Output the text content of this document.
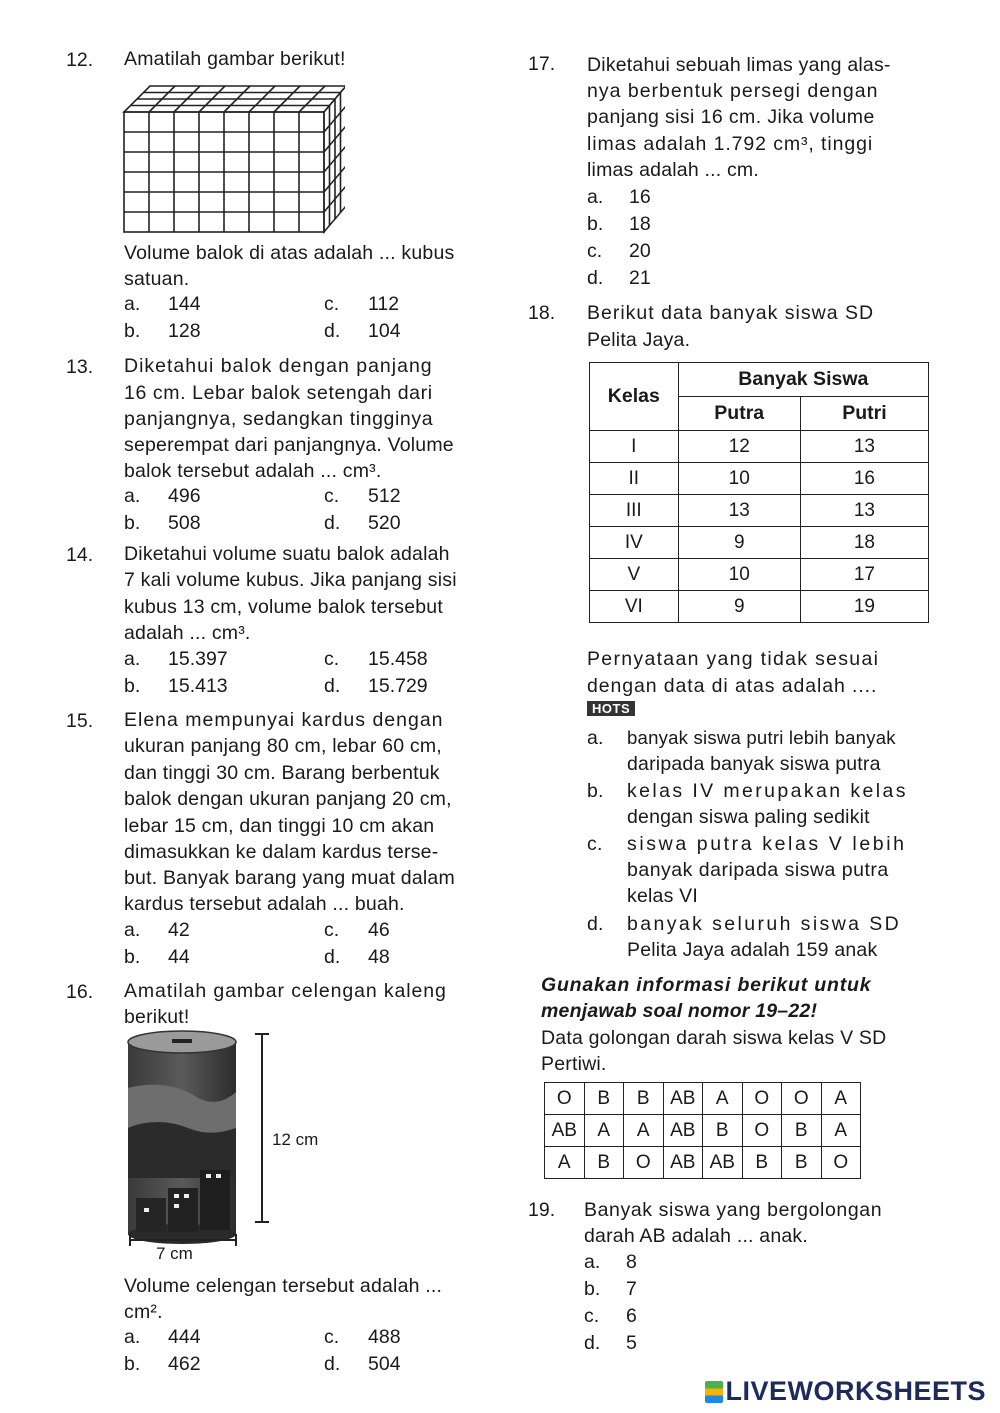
12. Amatilah gambar berikut!
Volume balok di atas adalah ... kubus
satuan.
a. 144	c. 112
b. 128	d. 104
13. Diketahui balok dengan panjang
16 cm. Lebar balok setengah dari
panjangnya, sedangkan tingginya
seperempat dari panjangnya. Volume
balok tersebut adalah ... cm³.
a. 496	c. 512
b. 508	d. 520
14. Diketahui volume suatu balok adalah
7 kali volume kubus. Jika panjang sisi
kubus 13 cm, volume balok tersebut
adalah ... cm³.
a. 15.397	c. 15.458
b. 15.413	d. 15.729
15. Elena mempunyai kardus dengan
ukuran panjang 80 cm, lebar 60 cm,
dan tinggi 30 cm. Barang berbentuk
balok dengan ukuran panjang 20 cm,
lebar 15 cm, dan tinggi 10 cm akan
dimasukkan ke dalam kardus terse-
but. Banyak barang yang muat dalam
kardus tersebut adalah ... buah.
a. 42	c. 46
b. 44	d. 48
16. Amatilah gambar celengan kaleng
berikut!
12 cm
7 cm
Volume celengan tersebut adalah ...
cm².
a. 444	c. 488
b. 462	d. 504
17. Diketahui sebuah limas yang alas-
nya berbentuk persegi dengan
panjang sisi 16 cm. Jika volume
limas adalah 1.792 cm³, tinggi
limas adalah ... cm.
a. 16
b. 18
c. 20
d. 21
18. Berikut data banyak siswa SD
Pelita Jaya.
Kelas	Banyak Siswa	
	Putra	Putri
I	12	13
II	10	16
III	13	13
IV	9	18
V	10	17
VI	9	19
Pernyataan yang tidak sesuai
dengan data di atas adalah ....
HOTS
a. banyak siswa putri lebih banyak
daripada banyak siswa putra
b. kelas IV merupakan kelas
dengan siswa paling sedikit
c. siswa putra kelas V lebih
banyak daripada siswa putra
kelas VI
d. banyak seluruh siswa SD
Pelita Jaya adalah 159 anak
Gunakan informasi berikut untuk
menjawab soal nomor 19–22!
Data golongan darah siswa kelas V SD
Pertiwi.
O	B	B	AB	A	O	O	A
AB	A	A	AB	B	O	B	A
A	B	O	AB	AB	B	B	O
19. Banyak siswa yang bergolongan
darah AB adalah ... anak.
a. 8
b. 7
c. 6
d. 5
LIVEWORKSHEETS
